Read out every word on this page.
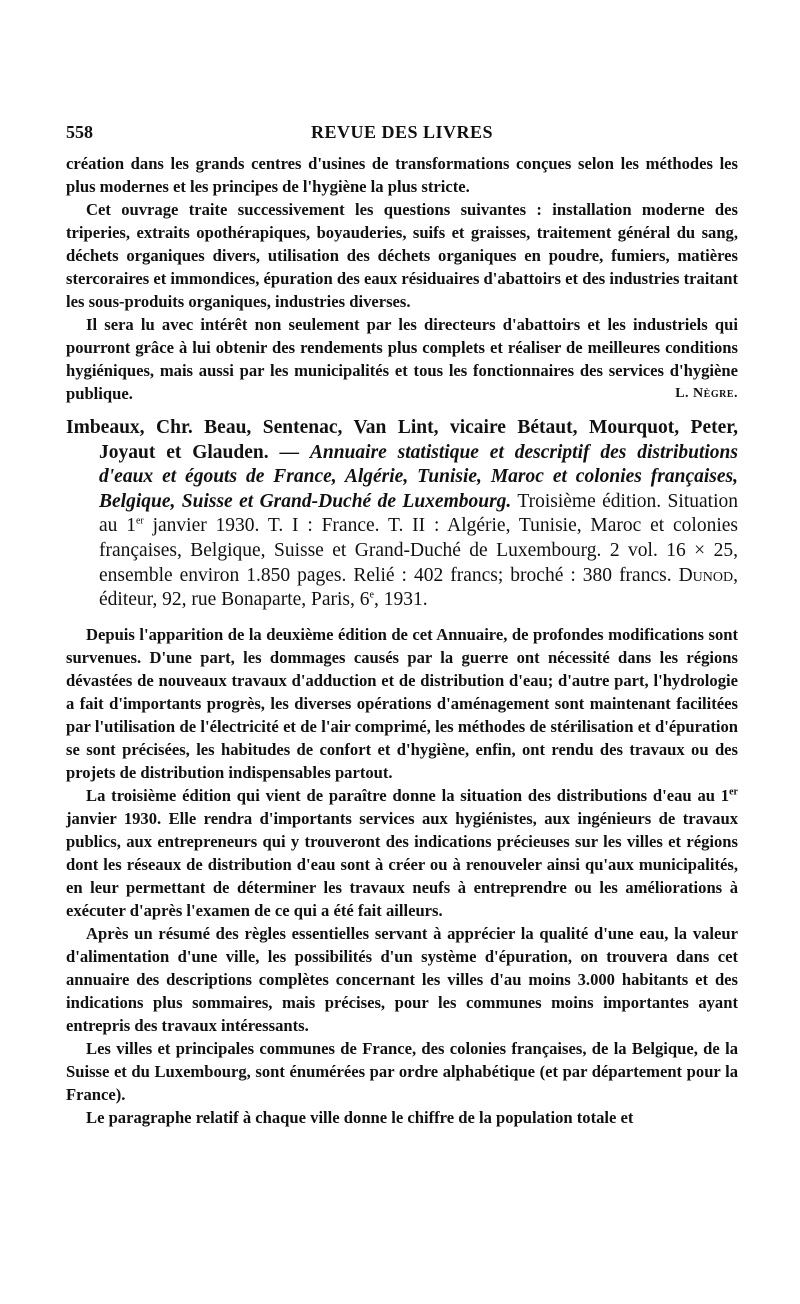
558	REVUE DES LIVRES

création dans les grands centres d'usines de transformations conçues selon les méthodes les plus modernes et les principes de l'hygiène la plus stricte.

Cet ouvrage traite successivement les questions suivantes : installation moderne des triperies, extraits opothérapiques, boyauderies, suifs et graisses, traitement général du sang, déchets organiques divers, utilisation des déchets organiques en poudre, fumiers, matières stercoraires et immondices, épuration des eaux résiduaires d'abattoirs et des industries traitant les sous-produits organiques, industries diverses.

Il sera lu avec intérêt non seulement par les directeurs d'abattoirs et les industriels qui pourront grâce à lui obtenir des rendements plus complets et réaliser de meilleures conditions hygiéniques, mais aussi par les municipalités et tous les fonctionnaires des services d'hygiène publique.	L. Nègre.

Imbeaux, Chr. Beau, Sentenac, Van Lint, vicaire Bétaut, Mourquot, Peter, Joyaut et Glauden. — Annuaire statistique et descriptif des distributions d'eaux et égouts de France, Algérie, Tunisie, Maroc et colonies françaises, Belgique, Suisse et Grand-Duché de Luxembourg. Troisième édition. Situation au 1er janvier 1930. T. I : France. T. II : Algérie, Tunisie, Maroc et colonies françaises, Belgique, Suisse et Grand-Duché de Luxembourg. 2 vol. 16 × 25, ensemble environ 1.850 pages. Relié : 402 francs; broché : 380 francs. Dunod, éditeur, 92, rue Bonaparte, Paris, 6e, 1931.

Depuis l'apparition de la deuxième édition de cet Annuaire, de profondes modifications sont survenues. D'une part, les dommages causés par la guerre ont nécessité dans les régions dévastées de nouveaux travaux d'adduction et de distribution d'eau; d'autre part, l'hydrologie a fait d'importants progrès, les diverses opérations d'aménagement sont maintenant facilitées par l'utilisation de l'électricité et de l'air comprimé, les méthodes de stérilisation et d'épuration se sont précisées, les habitudes de confort et d'hygiène, enfin, ont rendu des travaux ou des projets de distribution indispensables partout.

La troisième édition qui vient de paraître donne la situation des distributions d'eau au 1er janvier 1930. Elle rendra d'importants services aux hygiénistes, aux ingénieurs de travaux publics, aux entrepreneurs qui y trouveront des indications précieuses sur les villes et régions dont les réseaux de distribution d'eau sont à créer ou à renouveler ainsi qu'aux municipalités, en leur permettant de déterminer les travaux neufs à entreprendre ou les améliorations à exécuter d'après l'examen de ce qui a été fait ailleurs.

Après un résumé des règles essentielles servant à apprécier la qualité d'une eau, la valeur d'alimentation d'une ville, les possibilités d'un système d'épuration, on trouvera dans cet annuaire des descriptions complètes concernant les villes d'au moins 3.000 habitants et des indications plus sommaires, mais précises, pour les communes moins importantes ayant entrepris des travaux intéressants.

Les villes et principales communes de France, des colonies françaises, de la Belgique, de la Suisse et du Luxembourg, sont énumérées par ordre alphabétique (et par département pour la France).

Le paragraphe relatif à chaque ville donne le chiffre de la population totale et
